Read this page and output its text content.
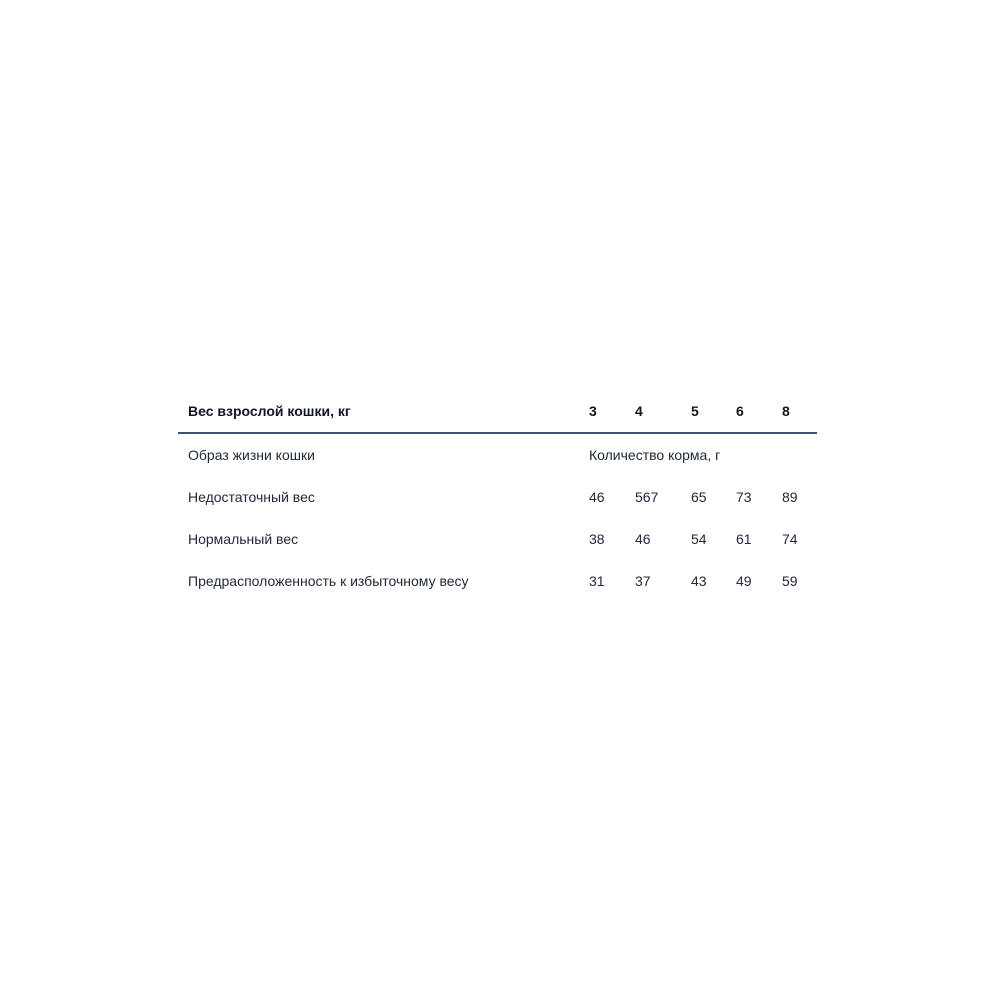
Вес взрослой кошки, кг	3	4	5	6	8
Образ жизни кошки	Количество корма, г				
Недостаточный вес	46	567	65	73	89
Нормальный вес	38	46	54	61	74
Предрасположенность к избыточному весу	31	37	43	49	59
